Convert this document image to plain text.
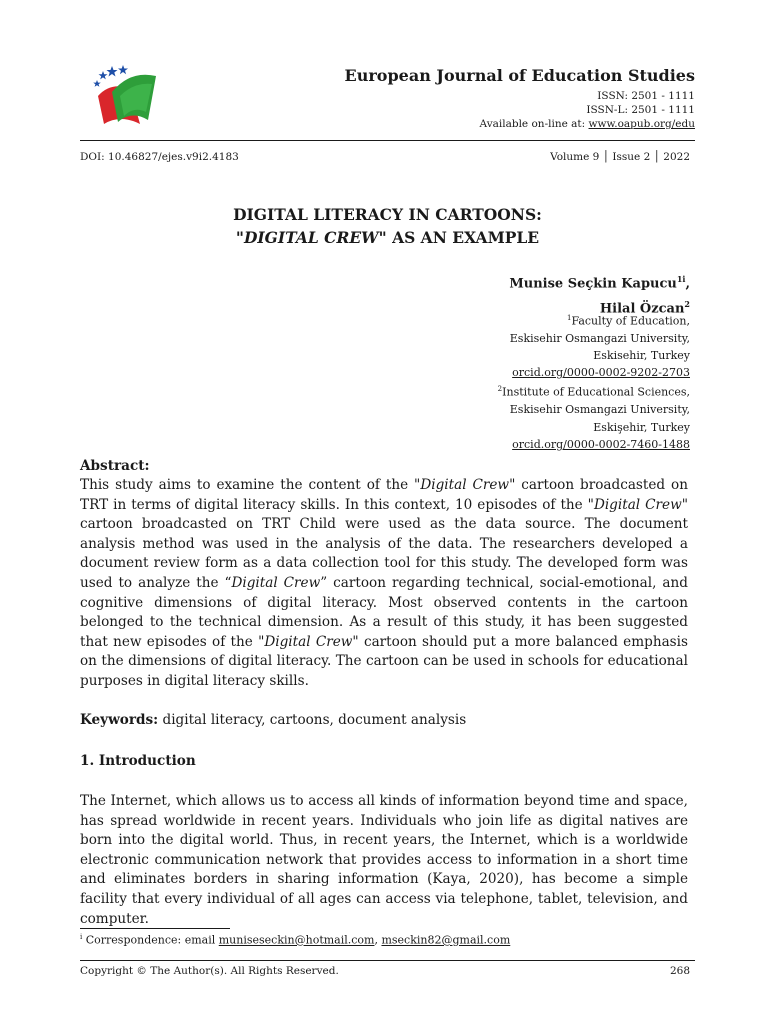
European Journal of Education Studies
ISSN: 2501 - 1111
ISSN-L: 2501 - 1111
Available on-line at: www.oapub.org/edu
DOI: 10.46827/ejes.v9i2.4183	Volume 9 │ Issue 2 │ 2022
DIGITAL LITERACY IN CARTOONS:
"DIGITAL CREW" AS AN EXAMPLE
Munise Seçkin Kapucu$^{1i}$,
Hilal Özcan$^2$
$^1$Faculty of Education,
Eskisehir Osmangazi University,
Eskisehir, Turkey
orcid.org/0000-0002-9202-2703
$^2$Institute of Educational Sciences,
Eskisehir Osmangazi University,
Eskişehir, Turkey
orcid.org/0000-0002-7460-1488
Abstract:
This study aims to examine the content of the "Digital Crew" cartoon broadcasted on TRT in terms of digital literacy skills. In this context, 10 episodes of the "Digital Crew" cartoon broadcasted on TRT Child were used as the data source. The document analysis method was used in the analysis of the data. The researchers developed a document review form as a data collection tool for this study. The developed form was used to analyze the “Digital Crew” cartoon regarding technical, social-emotional, and cognitive dimensions of digital literacy. Most observed contents in the cartoon belonged to the technical dimension. As a result of this study, it has been suggested that new episodes of the "Digital Crew" cartoon should put a more balanced emphasis on the dimensions of digital literacy. The cartoon can be used in schools for educational purposes in digital literacy skills.
Keywords: digital literacy, cartoons, document analysis
1. Introduction
The Internet, which allows us to access all kinds of information beyond time and space, has spread worldwide in recent years. Individuals who join life as digital natives are born into the digital world. Thus, in recent years, the Internet, which is a worldwide electronic communication network that provides access to information in a short time and eliminates borders in sharing information (Kaya, 2020), has become a simple facility that every individual of all ages can access via telephone, tablet, television, and computer.
$^i$ Correspondence: email muniseseckin@hotmail.com, mseckin82@gmail.com
Copyright © The Author(s). All Rights Reserved.	268
